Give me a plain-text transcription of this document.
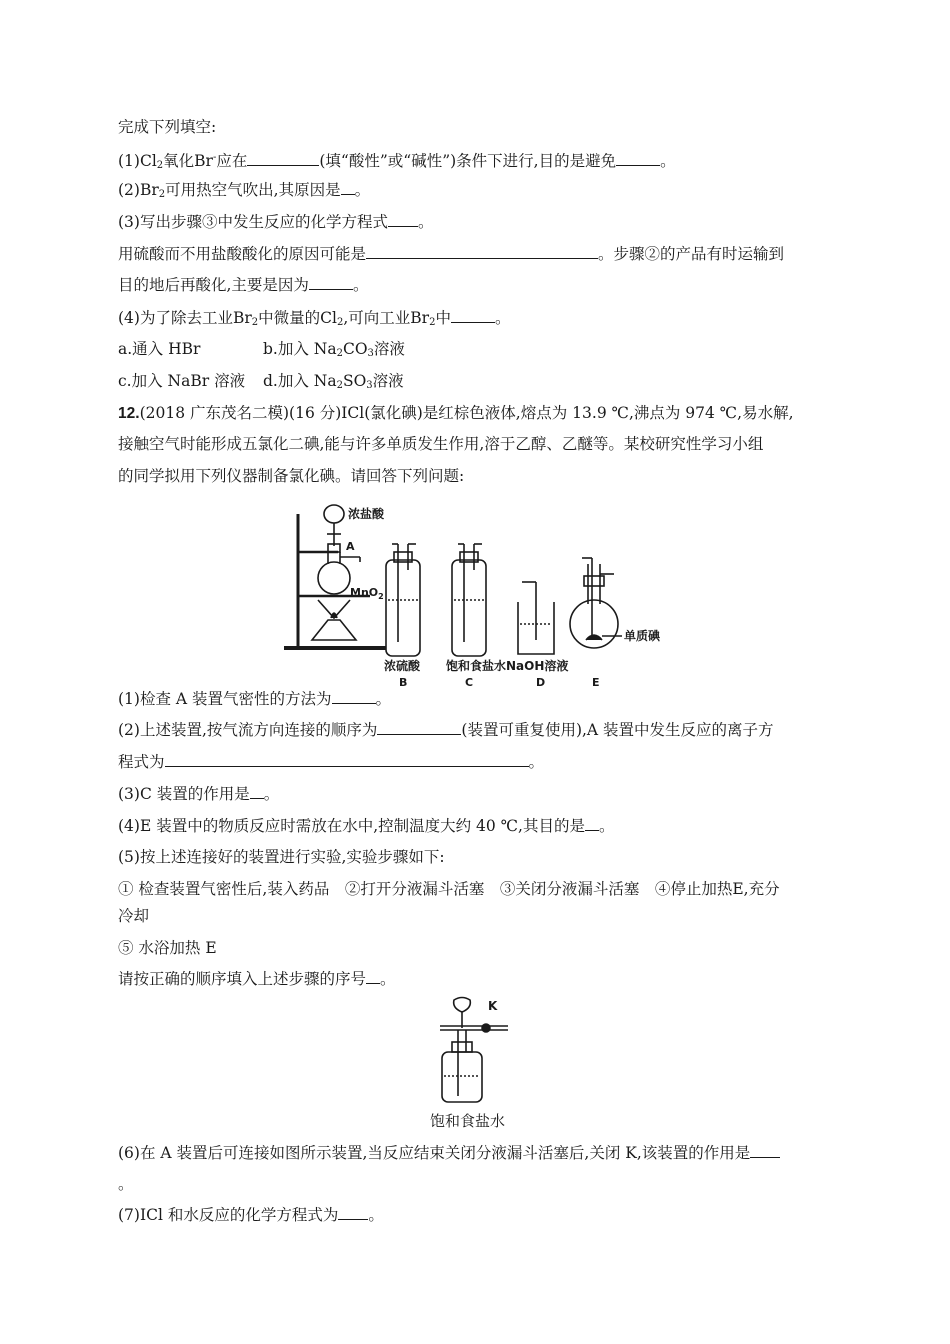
完成下列填空:
$(1)Cl_2$氧化Br-应在	(填“酸性”或“碱性”)条件下进行,目的是避免	。
$(2)Br_2$可用热空气吹出,其原因是 。
(3)写出步骤③中发生反应的化学方程式 。
用硫酸而不用盐酸酸化的原因可能是	。步骤②的产品有时运输到
目的地后再酸化,主要是因为	。
(4)为了除去工业$Br_2$中微量的$Cl_2$,可向工业$Br_2$中	。
a.通入 HBr	b.加入 $Na_2CO_3$溶液
c.加入 NaBr 溶液 d.加入 $Na_2SO_3$溶液
12.(2018 广东茂名二模)(16 分)ICl(氯化碘)是红棕色液体,熔点为 13.9 ℃,沸点为 974 ℃,易水解,
接触空气时能形成五氯化二碘,能与许多单质发生作用,溶于乙醇、乙醚等。某校研究性学习小组
的同学拟用下列仪器制备氯化碘。请回答下列问题:
浓盐酸
A
MnO$_2$
浓硫酸 饱和食盐水 NaOH溶液
单质碘
B	C	D	E
(1)检查 A 装置气密性的方法为	。
(2)上述装置,按气流方向连接的顺序为	(装置可重复使用),A 装置中发生反应的离子方
程式为	。
(3)C 装置的作用是 。
(4)E 装置中的物质反应时需放在水中,控制温度大约 40 ℃,其目的是 。
(5)按上述连接好的装置进行实验,实验步骤如下:
① 检查装置气密性后,装入药品　②打开分液漏斗活塞　③关闭分液漏斗活塞　④停止加热E,充分
冷却
⑤ 水浴加热 E
请按正确的顺序填入上述步骤的序号 。
K
饱和食盐水
(6)在 A 装置后可连接如图所示装置,当反应结束关闭分液漏斗活塞后,关闭 K,该装置的作用是
。
(7)ICl 和水反应的化学方程式为 。
